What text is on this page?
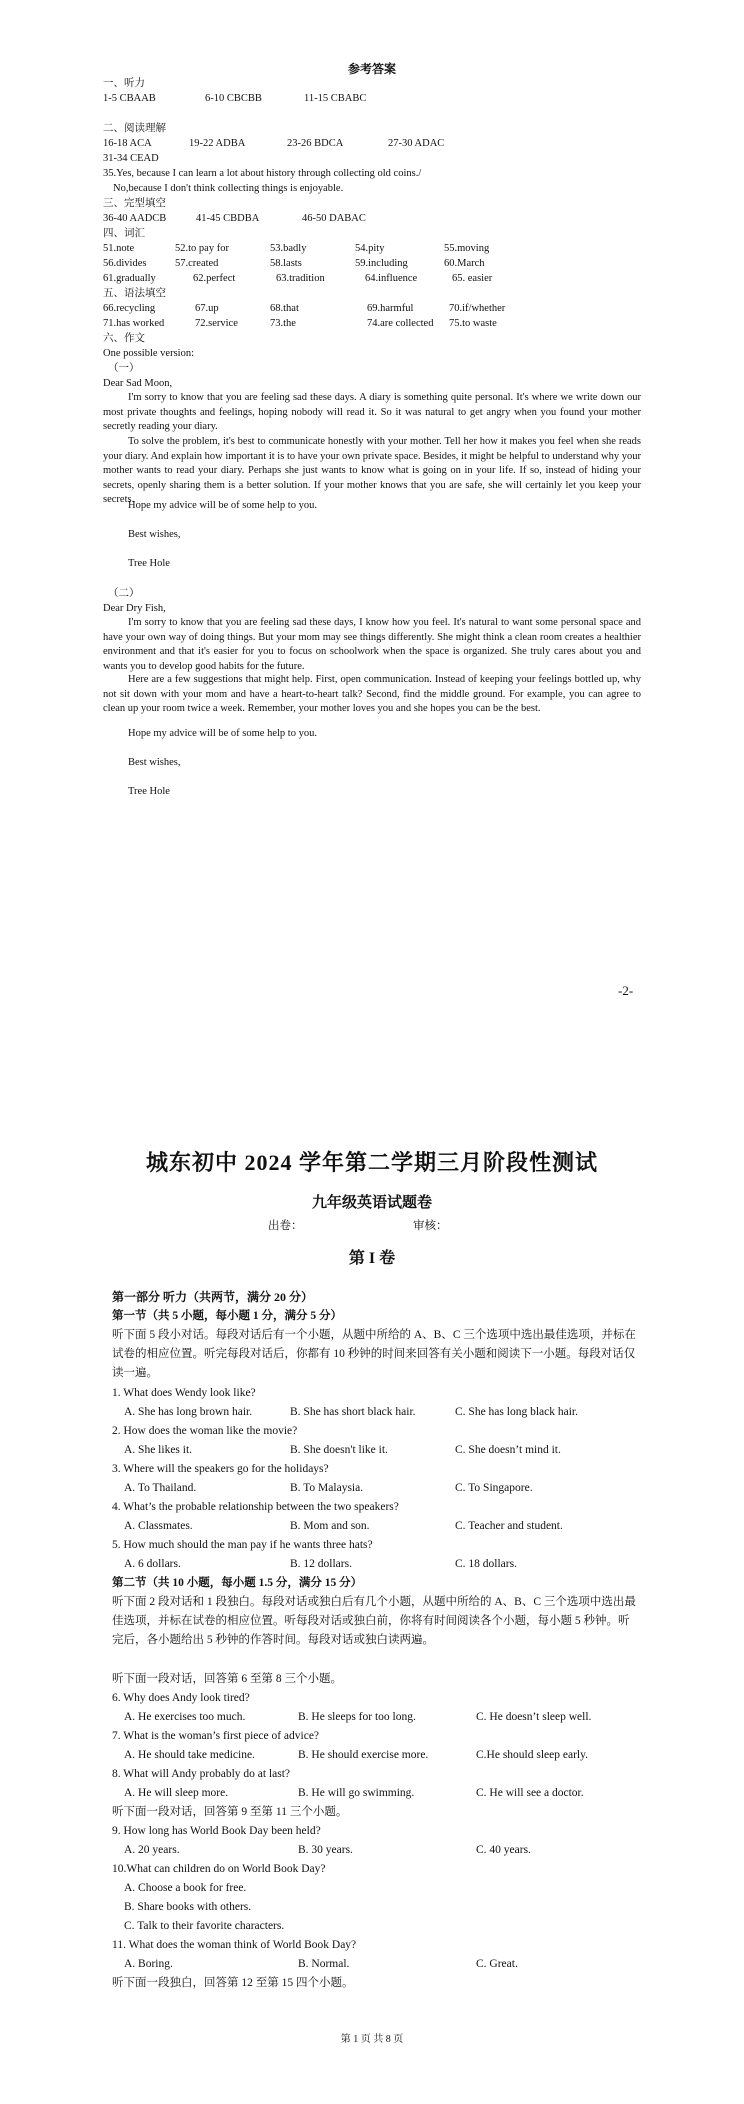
参考答案
一、听力
1-5 CBAAB	6-10 CBCBB	11-15 CBABC
二、阅读理解
16-18 ACA	19-22 ADBA	23-26 BDCA	27-30 ADAC
31-34 CEAD
35.Yes, because I can learn a lot about history through collecting old coins./
No,because I don't think collecting things is enjoyable.
三、完型填空
36-40 AADCB	41-45 CBDBA	46-50 DABAC
四、词汇
51.note	52.to pay for	53.badly	54.pity	55.moving
56.divides	57.created	58.lasts	59.including	60.March
61.gradually	62.perfect	63.tradition	64.influence	65. easier
五、语法填空
66.recycling	67.up	68.that	69.harmful	70.if/whether
71.has worked	72.service	73.the	74.are collected 75.to waste
六、作文
One possible version:
（一）
Dear Sad Moon,
I'm sorry to know that you are feeling sad these days. A diary is something quite personal. It's where we write down our most private thoughts and feelings, hoping nobody will read it. So it was natural to get angry when you found your mother secretly reading your diary.
To solve the problem, it's best to communicate honestly with your mother. Tell her how it makes you feel when she reads your diary. And explain how important it is to have your own private space. Besides, it might be helpful to understand why your mother wants to read your diary. Perhaps she just wants to know what is going on in your life. If so, instead of hiding your secrets, openly sharing them is a better solution. If your mother knows that you are safe, she will certainly let you keep your secrets.
Hope my advice will be of some help to you.
Best wishes,
Tree Hole
（二）
Dear Dry Fish,
I'm sorry to know that you are feeling sad these days, I know how you feel. It's natural to want some personal space and have your own way of doing things. But your mom may see things differently. She might think a clean room creates a healthier environment and that it's easier for you to focus on schoolwork when the space is organized. She truly cares about you and wants you to develop good habits for the future.
Here are a few suggestions that might help. First, open communication. Instead of keeping your feelings bottled up, why not sit down with your mom and have a heart-to-heart talk? Second, find the middle ground. For example, you can agree to clean up your room twice a week. Remember, your mother loves you and she hopes you can be the best.
Hope my advice will be of some help to you.
Best wishes,
Tree Hole
-2-
城东初中 2024 学年第二学期三月阶段性测试
九年级英语试题卷
出卷：	审核：
第 I 卷
第一部分 听力（共两节，满分 20 分）
第一节（共 5 小题，每小题 1 分，满分 5 分）
听下面 5 段小对话。每段对话后有一个小题，从题中所给的 A、B、C 三个选项中选出最佳选项，并标在试卷的相应位置。听完每段对话后，你都有 10 秒钟的时间来回答有关小题和阅读下一小题。每段对话仅读一遍。
1. What does Wendy look like?
A. She has long brown hair.	B. She has short black hair.	C. She has long black hair.
2. How does the woman like the movie?
A. She likes it.	B. She doesn't like it.	C. She doesn’t mind it.
3. Where will the speakers go for the holidays?
A. To Thailand.	B. To Malaysia.	C. To Singapore.
4. What’s the probable relationship between the two speakers?
A. Classmates.	B. Mom and son.	C. Teacher and student.
5. How much should the man pay if he wants three hats?
A. 6 dollars.	B. 12 dollars.	C. 18 dollars.
第二节（共 10 小题，每小题 1.5 分，满分 15 分）
听下面 2 段对话和 1 段独白。每段对话或独白后有几个小题，从题中所给的 A、B、C 三个选项中选出最佳选项，并标在试卷的相应位置。听每段对话或独白前，你将有时间阅读各个小题，每小题 5 秒钟。听完后，各小题给出 5 秒钟的作答时间。每段对话或独白读两遍。
听下面一段对话，回答第 6 至第 8 三个小题。
6. Why does Andy look tired?
A. He exercises too much.	B. He sleeps for too long.	C. He doesn’t sleep well.
7. What is the woman’s first piece of advice?
A. He should take medicine.	B. He should exercise more.	C.He should sleep early.
8. What will Andy probably do at last?
A. He will sleep more.	B. He will go swimming.	C. He will see a doctor.
听下面一段对话，回答第 9 至第 11 三个小题。
9. How long has World Book Day been held?
A. 20 years.	B. 30 years.	C. 40 years.
10.What can children do on World Book Day?
A. Choose a book for free.
B. Share books with others.
C. Talk to their favorite characters.
11. What does the woman think of World Book Day?
A. Boring.	B. Normal.	C. Great.
听下面一段独白，回答第 12 至第 15 四个小题。
第 1 页 共 8 页
